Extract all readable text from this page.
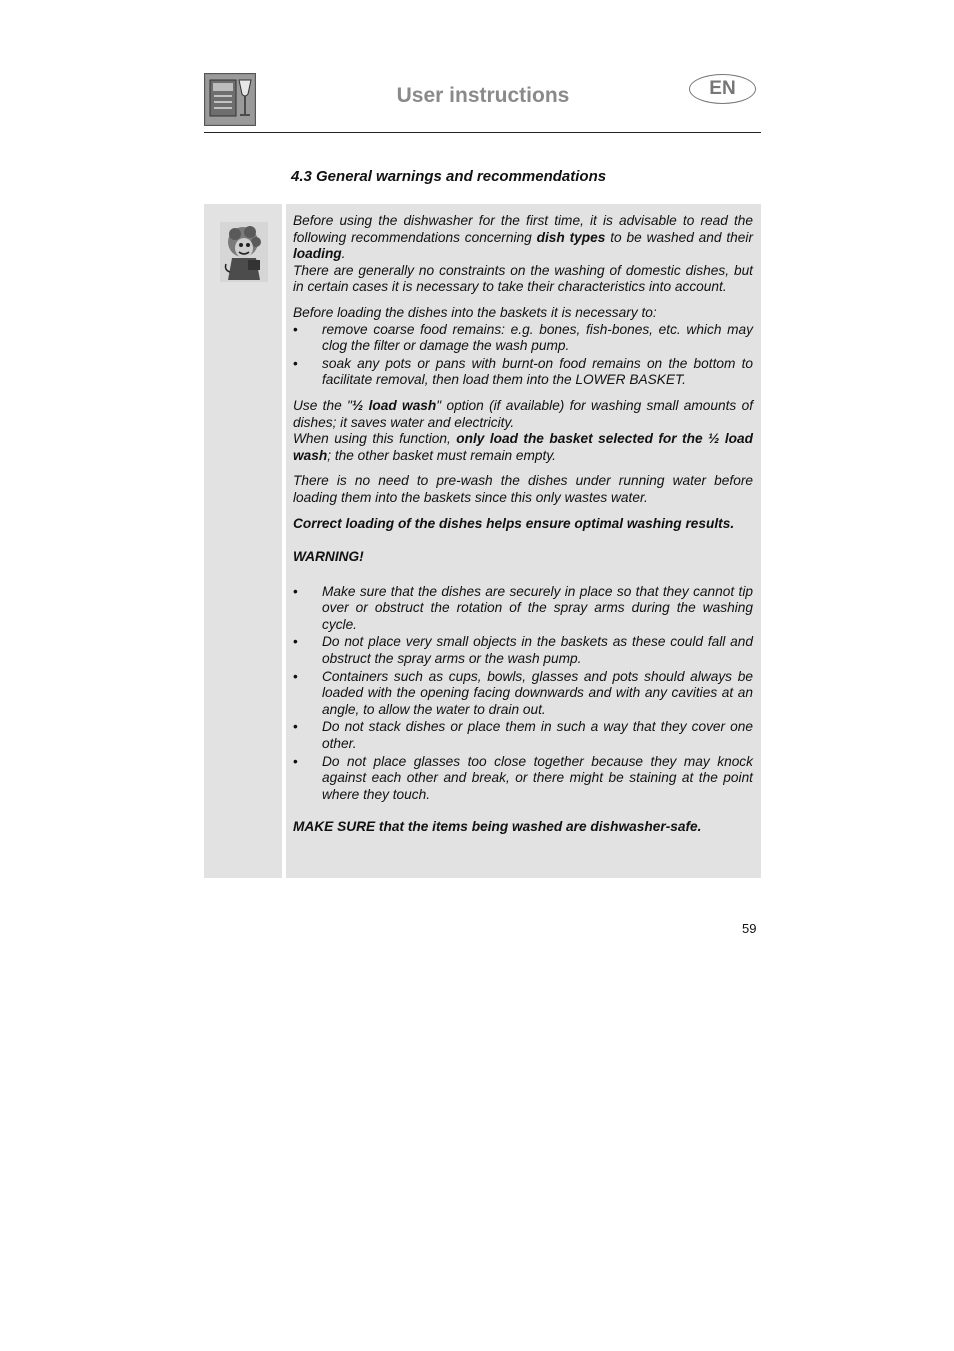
User instructions	EN
4.3 General warnings and recommendations

Before using the dishwasher for the first time, it is advisable to read the following recommendations concerning dish types to be washed and their loading.

There are generally no constraints on the washing of domestic dishes, but in certain cases it is necessary to take their characteristics into account.

Before loading the dishes into the baskets it is necessary to:

• remove coarse food remains: e.g. bones, fish-bones, etc. which may clog the filter or damage the wash pump.
• soak any pots or pans with burnt-on food remains on the bottom to facilitate removal, then load them into the LOWER BASKET.

Use the "½ load wash" option (if available) for washing small amounts of dishes; it saves water and electricity.

When using this function, only load the basket selected for the ½ load wash; the other basket must remain empty.

There is no need to pre-wash the dishes under running water before loading them into the baskets since this only wastes water.

Correct loading of the dishes helps ensure optimal washing results.

WARNING!

• Make sure that the dishes are securely in place so that they cannot tip over or obstruct the rotation of the spray arms during the washing cycle.
• Do not place very small objects in the baskets as these could fall and obstruct the spray arms or the wash pump.
• Containers such as cups, bowls, glasses and pots should always be loaded with the opening facing downwards and with any cavities at an angle, to allow the water to drain out.
• Do not stack dishes or place them in such a way that they cover one other.
• Do not place glasses too close together because they may knock against each other and break, or there might be staining at the point where they touch.

MAKE SURE that the items being washed are dishwasher-safe.

59
